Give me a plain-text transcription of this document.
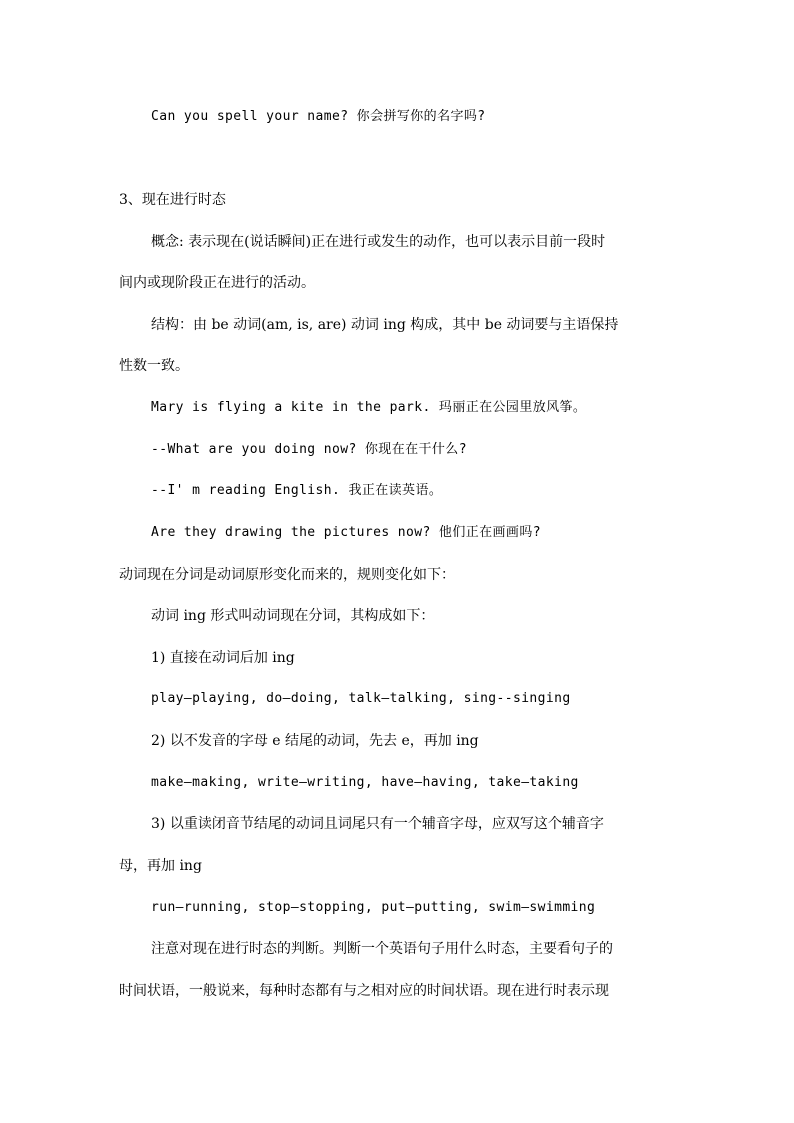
Can you spell your name? 你会拼写你的名字吗?
3、现在进行时态
概念: 表示现在(说话瞬间)正在进行或发生的动作，也可以表示目前一段时
间内或现阶段正在进行的活动。
结构：由 be 动词(am, is, are) 动词 ing 构成，其中 be 动词要与主语保持
性数一致。
Mary is flying a kite in the park. 玛丽正在公园里放风筝。
--What are you doing now? 你现在在干什么?
--I' m reading English. 我正在读英语。
Are they drawing the pictures now? 他们正在画画吗?
动词现在分词是动词原形变化而来的，规则变化如下：
动词 ing 形式叫动词现在分词，其构成如下：
1) 直接在动词后加 ing
play—playing, do—doing, talk—talking, sing--singing
2) 以不发音的字母 e 结尾的动词，先去 e，再加 ing
make—making, write—writing, have—having, take—taking
3) 以重读闭音节结尾的动词且词尾只有一个辅音字母，应双写这个辅音字
母，再加 ing
run—running, stop—stopping, put—putting, swim—swimming
注意对现在进行时态的判断。判断一个英语句子用什么时态，主要看句子的
时间状语，一般说来，每种时态都有与之相对应的时间状语。现在进行时表示现
